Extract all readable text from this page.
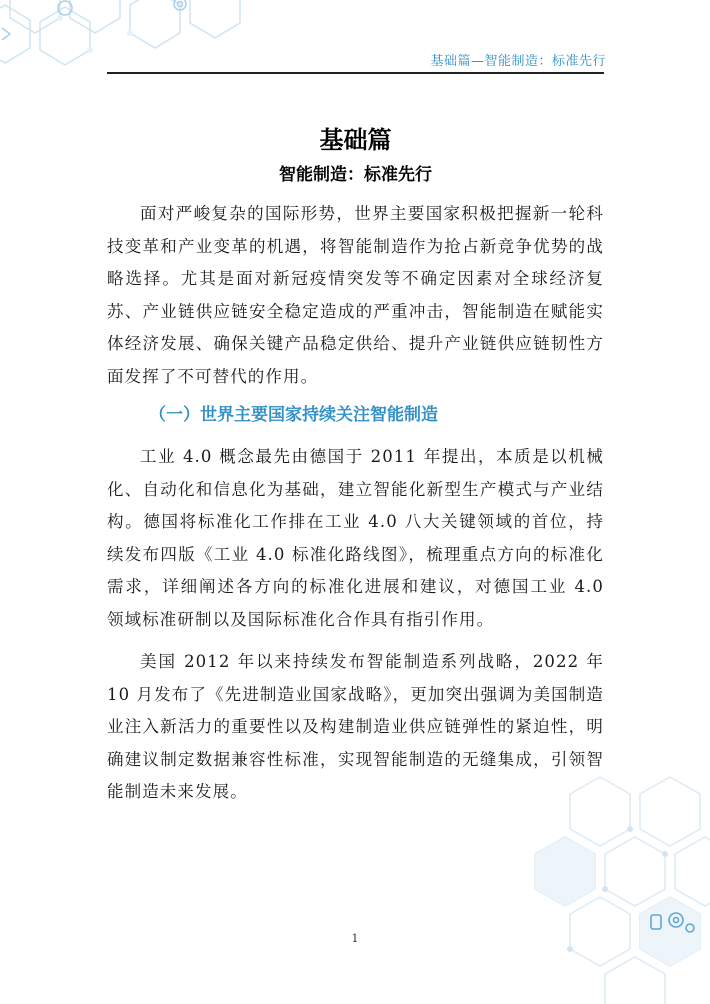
基础篇—智能制造：标准先行
基础篇
智能制造：标准先行

面对严峻复杂的国际形势，世界主要国家积极把握新一轮科技变革和产业变革的机遇，将智能制造作为抢占新竞争优势的战略选择。尤其是面对新冠疫情突发等不确定因素对全球经济复苏、产业链供应链安全稳定造成的严重冲击，智能制造在赋能实体经济发展、确保关键产品稳定供给、提升产业链供应链韧性方面发挥了不可替代的作用。

（一）世界主要国家持续关注智能制造

工业 4.0 概念最先由德国于 2011 年提出，本质是以机械化、自动化和信息化为基础，建立智能化新型生产模式与产业结构。德国将标准化工作排在工业 4.0 八大关键领域的首位，持续发布四版《工业 4.0 标准化路线图》，梳理重点方向的标准化需求，详细阐述各方向的标准化进展和建议，对德国工业 4.0 领域标准研制以及国际标准化合作具有指引作用。

美国 2012 年以来持续发布智能制造系列战略，2022 年 10 月发布了《先进制造业国家战略》，更加突出强调为美国制造业注入新活力的重要性以及构建制造业供应链弹性的紧迫性，明确建议制定数据兼容性标准，实现智能制造的无缝集成，引领智能制造未来发展。

1
